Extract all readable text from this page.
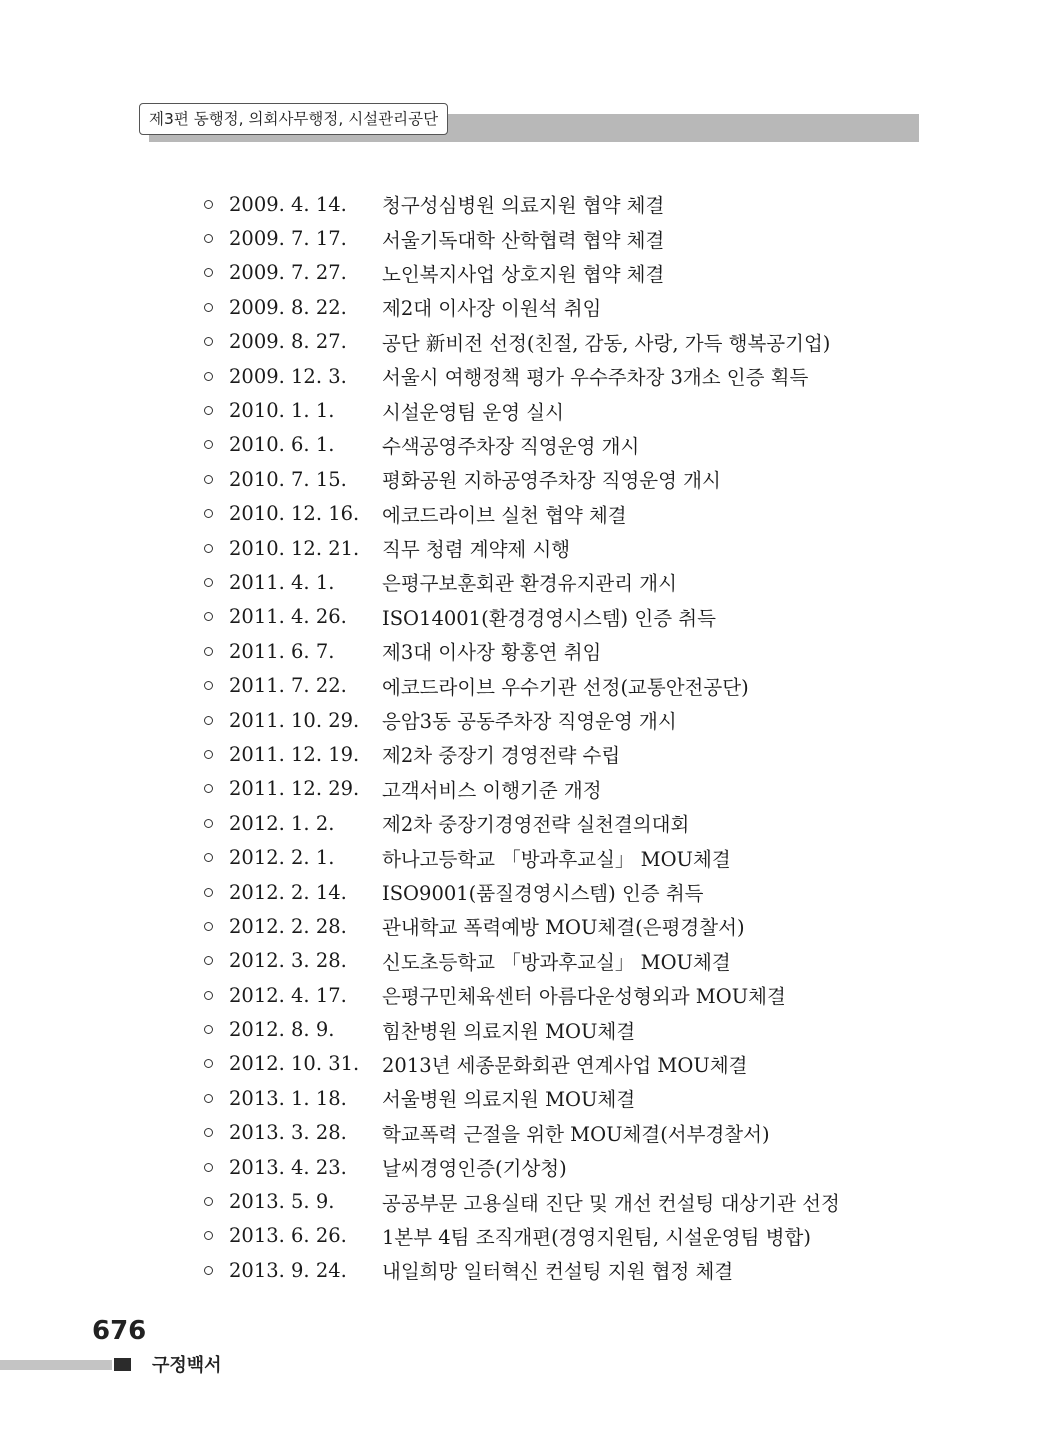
제3편 동행정, 의회사무행정, 시설관리공단
2009. 4. 14.	청구성심병원 의료지원 협약 체결
2009. 7. 17.	서울기독대학 산학협력 협약 체결
2009. 7. 27.	노인복지사업 상호지원 협약 체결
2009. 8. 22.	제2대 이사장 이원석 취임
2009. 8. 27.	공단 新비전 선정(친절, 감동, 사랑, 가득 행복공기업)
2009. 12. 3.	서울시 여행정책 평가 우수주차장 3개소 인증 획득
2010. 1. 1.	시설운영팀 운영 실시
2010. 6. 1.	수색공영주차장 직영운영 개시
2010. 7. 15.	평화공원 지하공영주차장 직영운영 개시
2010. 12. 16.	에코드라이브 실천 협약 체결
2010. 12. 21.	직무 청렴 계약제 시행
2011. 4. 1.	은평구보훈회관 환경유지관리 개시
2011. 4. 26.	ISO14001(환경경영시스템) 인증 취득
2011. 6. 7.	제3대 이사장 황홍연 취임
2011. 7. 22.	에코드라이브 우수기관 선정(교통안전공단)
2011. 10. 29.	응암3동 공동주차장 직영운영 개시
2011. 12. 19.	제2차 중장기 경영전략 수립
2011. 12. 29.	고객서비스 이행기준 개정
2012. 1. 2.	제2차 중장기경영전략 실천결의대회
2012. 2. 1.	하나고등학교 「방과후교실」 MOU체결
2012. 2. 14.	ISO9001(품질경영시스템) 인증 취득
2012. 2. 28.	관내학교 폭력예방 MOU체결(은평경찰서)
2012. 3. 28.	신도초등학교 「방과후교실」 MOU체결
2012. 4. 17.	은평구민체육센터 아름다운성형외과 MOU체결
2012. 8. 9.	힘찬병원 의료지원 MOU체결
2012. 10. 31.	2013년 세종문화회관 연계사업 MOU체결
2013. 1. 18.	서울병원 의료지원 MOU체결
2013. 3. 28.	학교폭력 근절을 위한 MOU체결(서부경찰서)
2013. 4. 23.	날씨경영인증(기상청)
2013. 5. 9.	공공부문 고용실태 진단 및 개선 컨설팅 대상기관 선정
2013. 6. 26.	1본부 4팀 조직개편(경영지원팀, 시설운영팀 병합)
2013. 9. 24.	내일희망 일터혁신 컨설팅 지원 협정 체결
676
구정백서
